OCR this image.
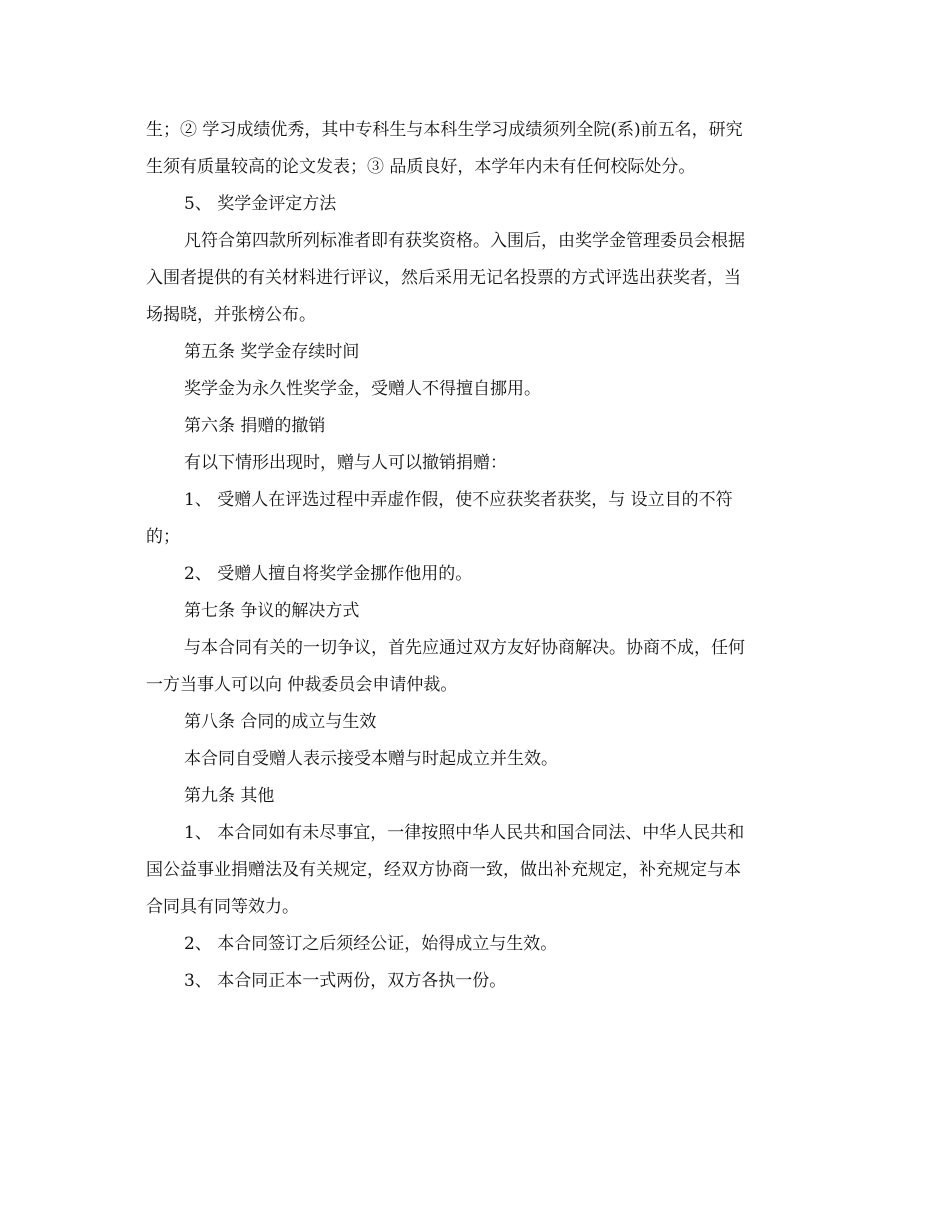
生；② 学习成绩优秀，其中专科生与本科生学习成绩须列全院(系)前五名，研究
生须有质量较高的论文发表；③ 品质良好，本学年内未有任何校际处分。

5、 奖学金评定方法

凡符合第四款所列标准者即有获奖资格。入围后，由奖学金管理委员会根据
入围者提供的有关材料进行评议，然后采用无记名投票的方式评选出获奖者，当
场揭晓，并张榜公布。

第五条 奖学金存续时间

奖学金为永久性奖学金，受赠人不得擅自挪用。

第六条 捐赠的撤销

有以下情形出现时，赠与人可以撤销捐赠：

1、 受赠人在评选过程中弄虚作假，使不应获奖者获奖，与 设立目的不符
的；

2、 受赠人擅自将奖学金挪作他用的。

第七条 争议的解决方式

与本合同有关的一切争议，首先应通过双方友好协商解决。协商不成，任何
一方当事人可以向 仲裁委员会申请仲裁。

第八条 合同的成立与生效

本合同自受赠人表示接受本赠与时起成立并生效。

第九条 其他

1、 本合同如有未尽事宜，一律按照中华人民共和国合同法、中华人民共和
国公益事业捐赠法及有关规定，经双方协商一致，做出补充规定，补充规定与本
合同具有同等效力。

2、 本合同签订之后须经公证，始得成立与生效。

3、 本合同正本一式两份，双方各执一份。
